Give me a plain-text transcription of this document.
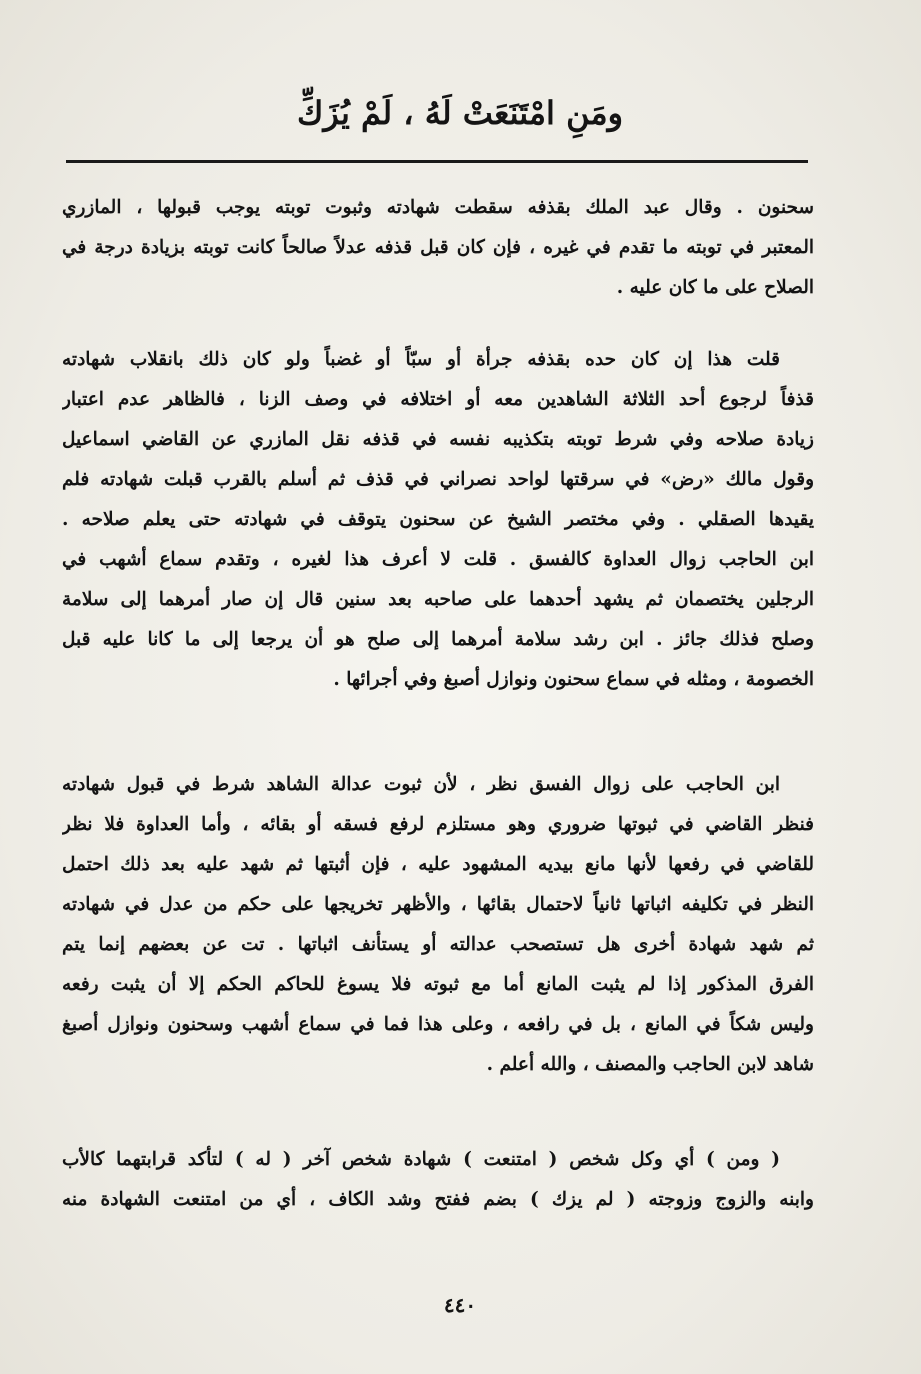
ومَنِ امْتَنَعَتْ لَهُ ، لَمْ يُزَكِّ
سحنون . وقال عبد الملك بقذفه سقطت شهادته وثبوت توبته يوجب قبولها ، المازري
المعتبر في توبته ما تقدم في غيره ، فإن كان قبل قذفه عدلاً صالحاً كانت توبته بزيادة درجة في
الصلاح على ما كان عليه .
قلت هذا إن كان حده بقذفه جرأة أو سبّاً أو غضباً ولو كان ذلك بانقلاب شهادته
قذفاً لرجوع أحد الثلاثة الشاهدين معه أو اختلافه في وصف الزنا ، فالظاهر عدم اعتبار
زيادة صلاحه وفي شرط توبته بتكذيبه نفسه في قذفه نقل المازري عن القاضي اسماعيل
وقول مالك «رض» في سرقتها لواحد نصراني في قذف ثم أسلم بالقرب قبلت شهادته فلم
يقيدها الصقلي . وفي مختصر الشيخ عن سحنون يتوقف في شهادته حتى يعلم صلاحه .
ابن الحاجب زوال العداوة كالفسق . قلت لا أعرف هذا لغيره ، وتقدم سماع أشهب في
الرجلين يختصمان ثم يشهد أحدهما على صاحبه بعد سنين قال إن صار أمرهما إلى سلامة
وصلح فذلك جائز . ابن رشد سلامة أمرهما إلى صلح هو أن يرجعا إلى ما كانا عليه قبل
الخصومة ، ومثله في سماع سحنون ونوازل أصبغ وفي أجرائها .
ابن الحاجب على زوال الفسق نظر ، لأن ثبوت عدالة الشاهد شرط في قبول شهادته
فنظر القاضي في ثبوتها ضروري وهو مستلزم لرفع فسقه أو بقائه ، وأما العداوة فلا نظر
للقاضي في رفعها لأنها مانع بيديه المشهود عليه ، فإن أثبتها ثم شهد عليه بعد ذلك احتمل
النظر في تكليفه اثباتها ثانياً لاحتمال بقائها ، والأظهر تخريجها على حكم من عدل في شهادته
ثم شهد شهادة أخرى هل تستصحب عدالته أو يستأنف اثباتها . تت عن بعضهم إنما يتم
الفرق المذكور إذا لم يثبت المانع أما مع ثبوته فلا يسوغ للحاكم الحكم إلا أن يثبت رفعه
وليس شكاً في المانع ، بل في رافعه ، وعلى هذا فما في سماع أشهب وسحنون ونوازل أصبغ
شاهد لابن الحاجب والمصنف ، والله أعلم .
( ومن ) أي وكل شخص ( امتنعت ) شهادة شخص آخر ( له ) لتأكد قرابتهما كالأب
وابنه والزوج وزوجته ( لم يزك ) بضم ففتح وشد الكاف ، أي من امتنعت الشهادة منه
٤٤٠
